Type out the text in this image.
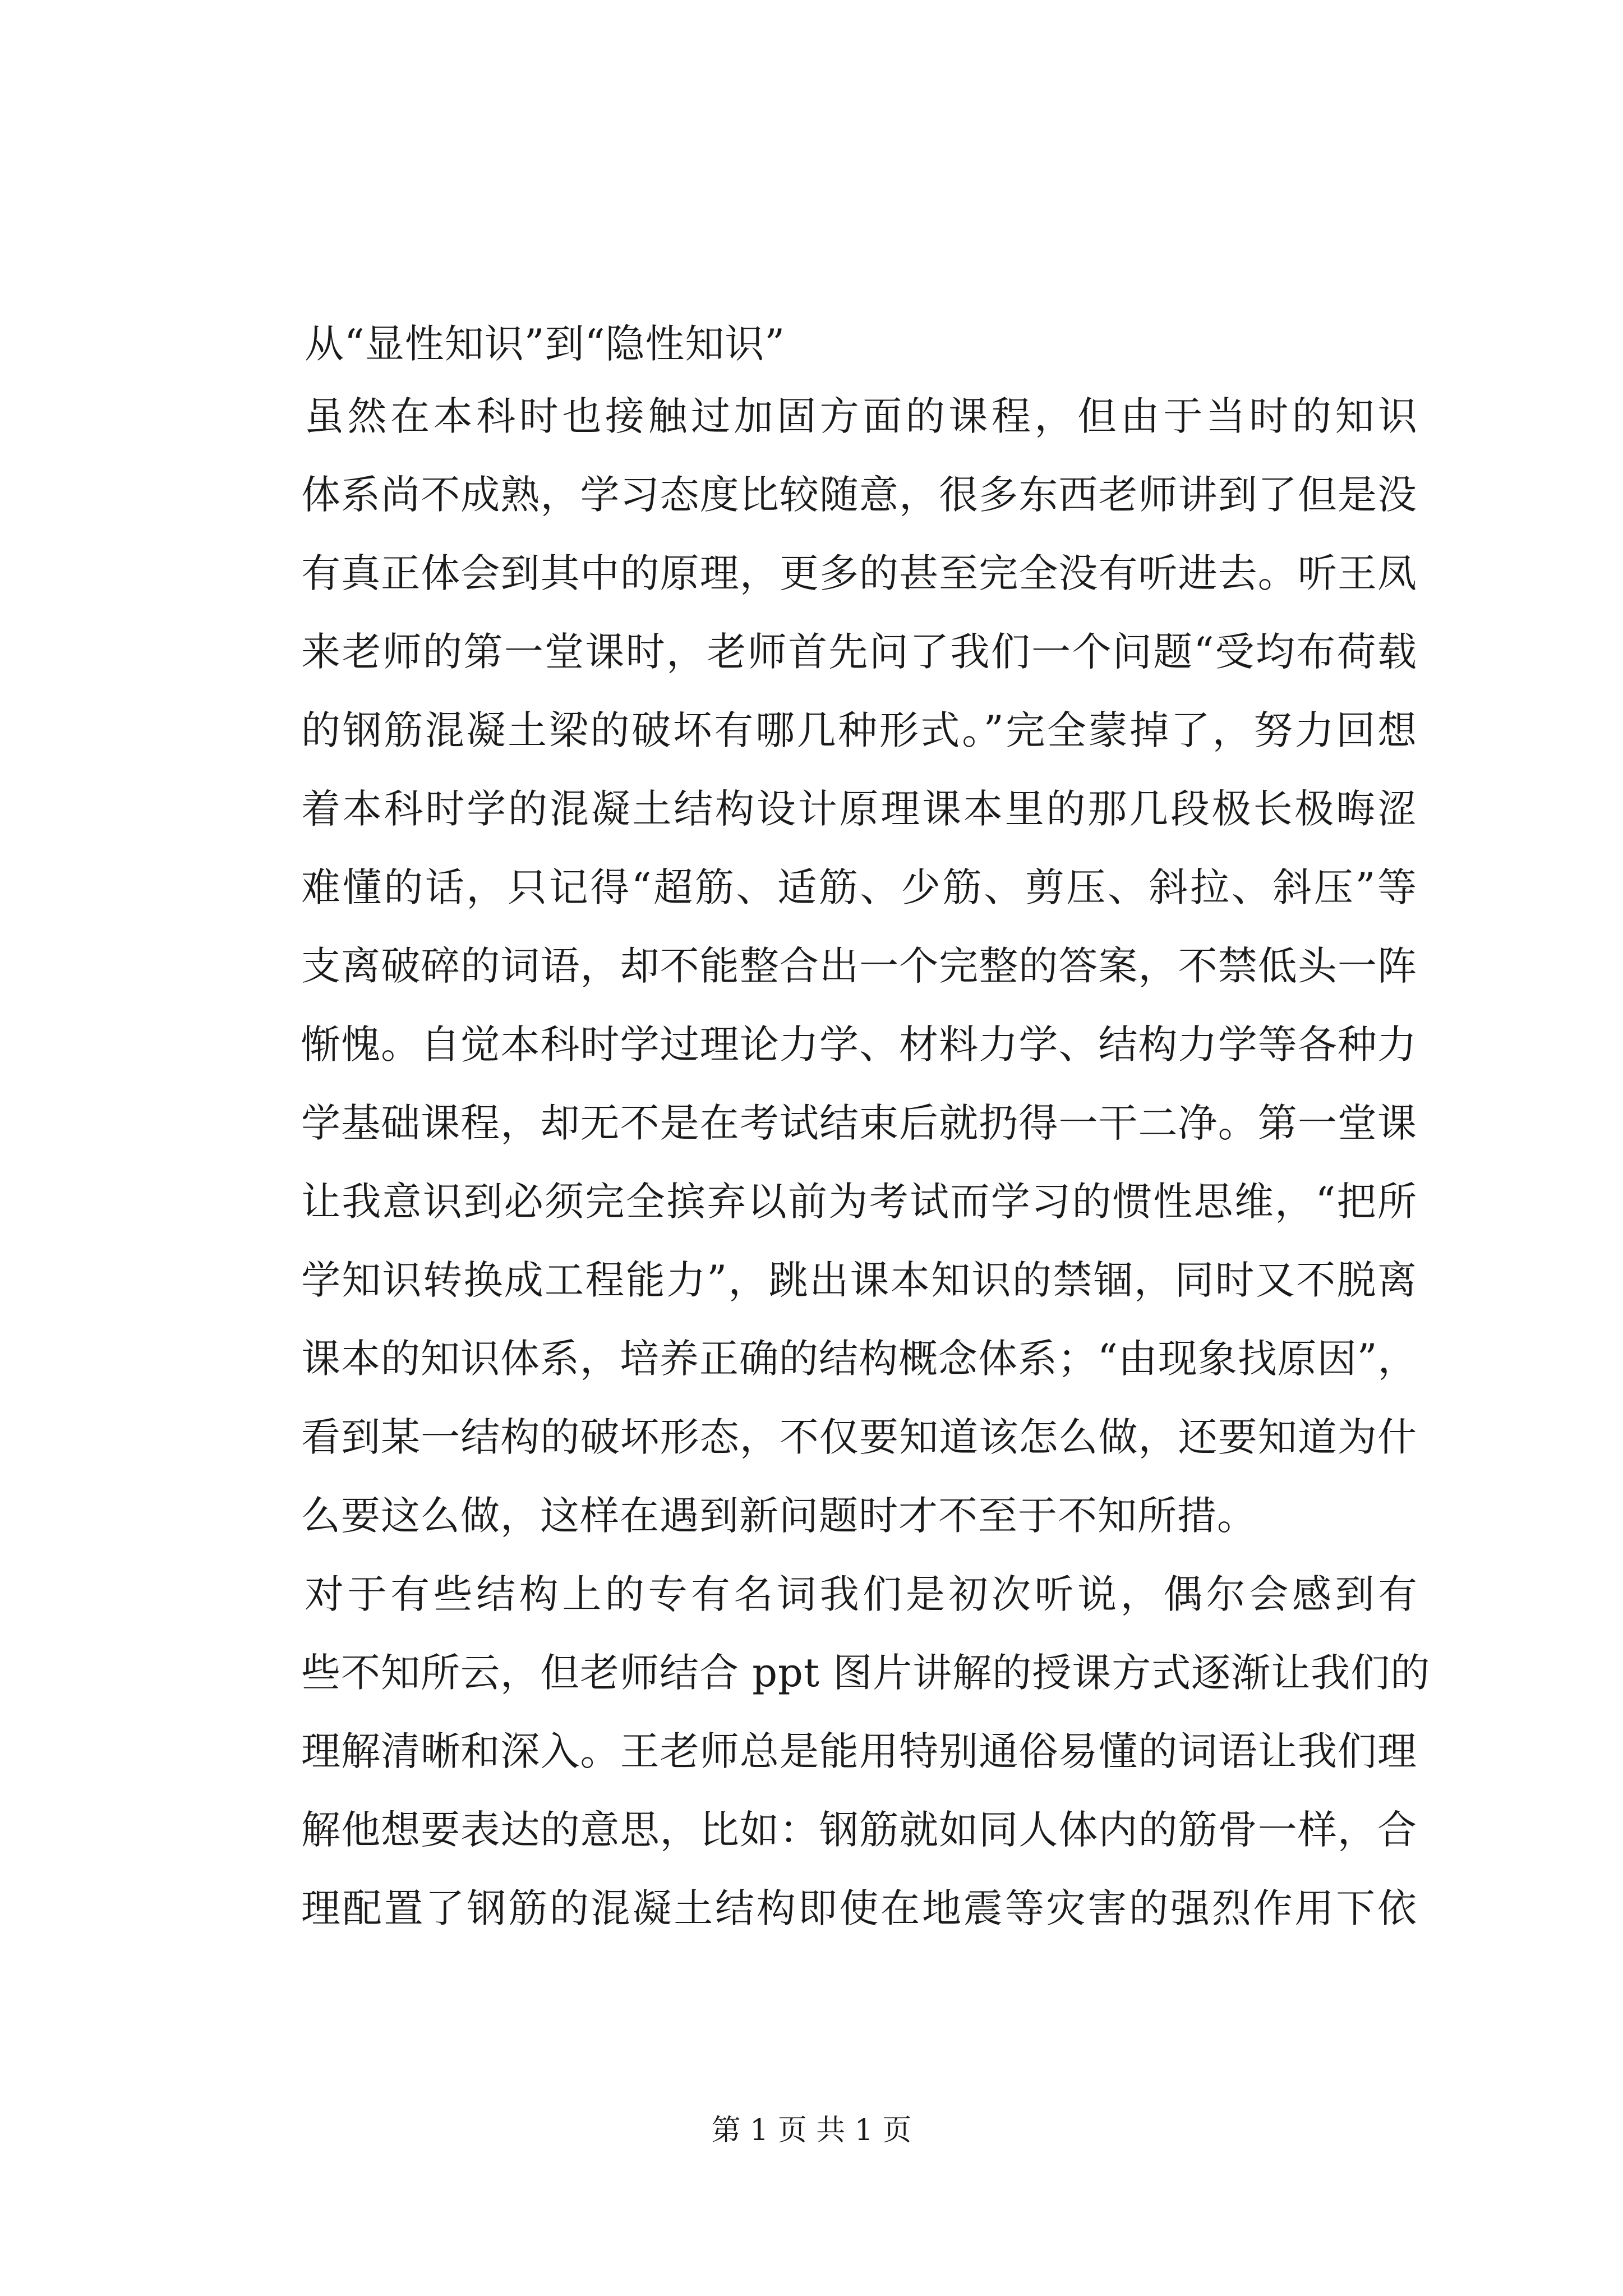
从“显性知识”到“隐性知识”
虽然在本科时也接触过加固方面的课程，但由于当时的知识
体系尚不成熟，学习态度比较随意，很多东西老师讲到了但是没
有真正体会到其中的原理，更多的甚至完全没有听进去。听王凤
来老师的第一堂课时，老师首先问了我们一个问题“受均布荷载
的钢筋混凝土梁的破坏有哪几种形式。”完全蒙掉了，努力回想
着本科时学的混凝土结构设计原理课本里的那几段极长极晦涩
难懂的话，只记得“超筋、适筋、少筋、剪压、斜拉、斜压”等
支离破碎的词语，却不能整合出一个完整的答案，不禁低头一阵
惭愧。自觉本科时学过理论力学、材料力学、结构力学等各种力
学基础课程，却无不是在考试结束后就扔得一干二净。第一堂课
让我意识到必须完全摈弃以前为考试而学习的惯性思维，“把所
学知识转换成工程能力”，跳出课本知识的禁锢，同时又不脱离
课本的知识体系，培养正确的结构概念体系；“由现象找原因”，
看到某一结构的破坏形态，不仅要知道该怎么做，还要知道为什
么要这么做，这样在遇到新问题时才不至于不知所措。
对于有些结构上的专有名词我们是初次听说，偶尔会感到有
些不知所云，但老师结合 ppt 图片讲解的授课方式逐渐让我们的
理解清晰和深入。王老师总是能用特别通俗易懂的词语让我们理
解他想要表达的意思，比如：钢筋就如同人体内的筋骨一样，合
理配置了钢筋的混凝土结构即使在地震等灾害的强烈作用下依
第 1 页 共 1 页
